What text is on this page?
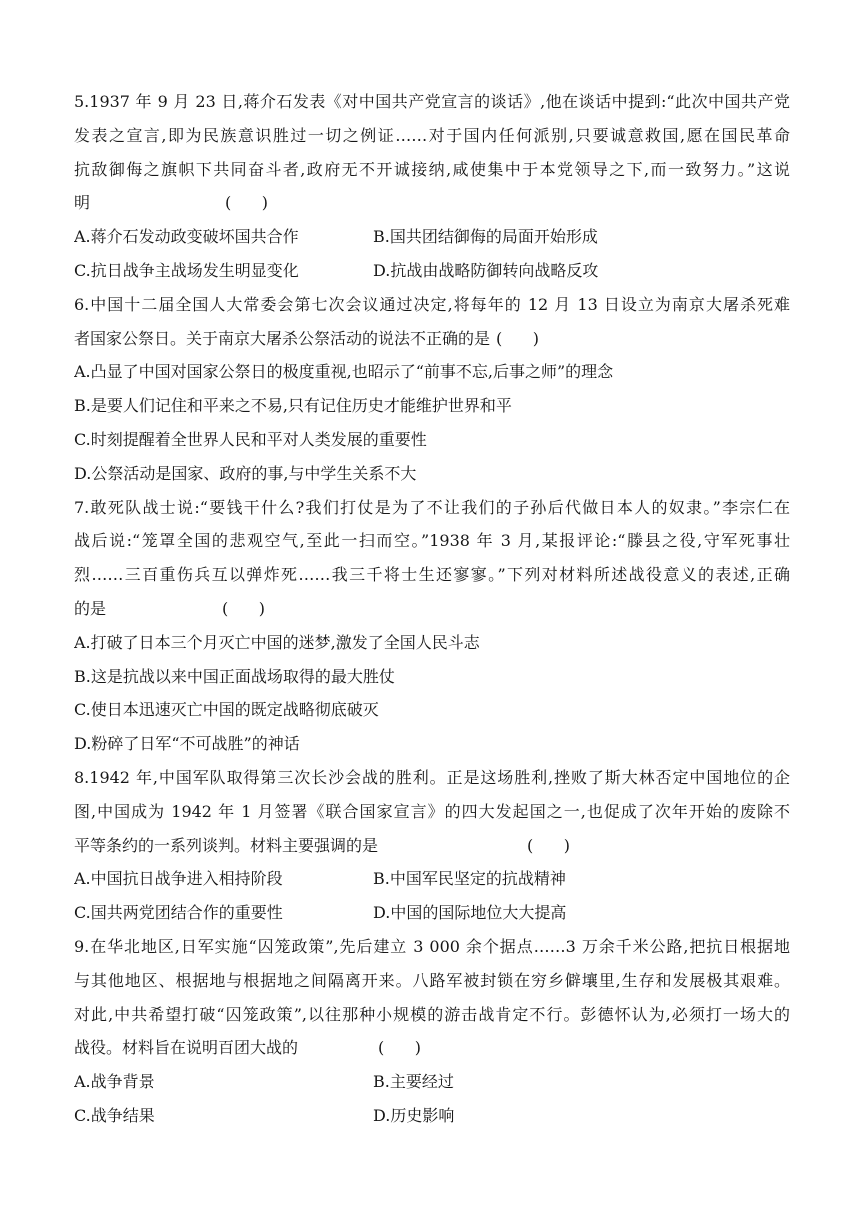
5.1937 年 9 月 23 日,蒋介石发表《对中国共产党宣言的谈话》,他在谈话中提到:“此次中国共产党
发表之宣言,即为民族意识胜过一切之例证……对于国内任何派别,只要诚意救国,愿在国民革命
抗敌御侮之旗帜下共同奋斗者,政府无不开诚接纳,咸使集中于本党领导之下,而一致努力。”这说
明	(      )
A.蒋介石发动政变破坏国共合作	B.国共团结御侮的局面开始形成
C.抗日战争主战场发生明显变化	D.抗战由战略防御转向战略反攻
6.中国十二届全国人大常委会第七次会议通过决定,将每年的 12 月 13 日设立为南京大屠杀死难
者国家公祭日。关于南京大屠杀公祭活动的说法不正确的是 (      )
A.凸显了中国对国家公祭日的极度重视,也昭示了“前事不忘,后事之师”的理念
B.是要人们记住和平来之不易,只有记住历史才能维护世界和平
C.时刻提醒着全世界人民和平对人类发展的重要性
D.公祭活动是国家、政府的事,与中学生关系不大
7.敢死队战士说:“要钱干什么?我们打仗是为了不让我们的子孙后代做日本人的奴隶。”李宗仁在
战后说:“笼罩全国的悲观空气,至此一扫而空。”1938 年 3 月,某报评论:“滕县之役,守军死事壮
烈……三百重伤兵互以弹炸死……我三千将士生还寥寥。”下列对材料所述战役意义的表述,正确
的是	(      )
A.打破了日本三个月灭亡中国的迷梦,激发了全国人民斗志
B.这是抗战以来中国正面战场取得的最大胜仗
C.使日本迅速灭亡中国的既定战略彻底破灭
D.粉碎了日军“不可战胜”的神话
8.1942 年,中国军队取得第三次长沙会战的胜利。正是这场胜利,挫败了斯大林否定中国地位的企
图,中国成为 1942 年 1 月签署《联合国家宣言》的四大发起国之一,也促成了次年开始的废除不
平等条约的一系列谈判。材料主要强调的是	(      )
A.中国抗日战争进入相持阶段	B.中国军民坚定的抗战精神
C.国共两党团结合作的重要性	D.中国的国际地位大大提高
9.在华北地区,日军实施“囚笼政策”,先后建立 3 000 余个据点……3 万余千米公路,把抗日根据地
与其他地区、根据地与根据地之间隔离开来。八路军被封锁在穷乡僻壤里,生存和发展极其艰难。
对此,中共希望打破“囚笼政策”,以往那种小规模的游击战肯定不行。彭德怀认为,必须打一场大的
战役。材料旨在说明百团大战的	(      )
A.战争背景	B.主要经过
C.战争结果	D.历史影响
